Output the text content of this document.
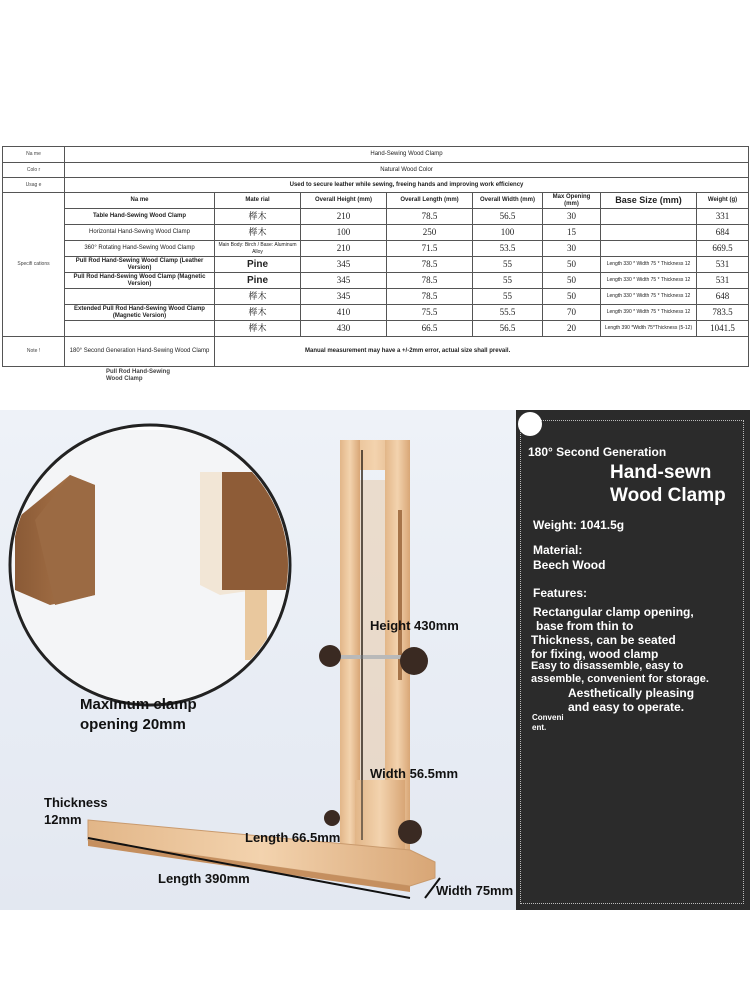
Na me	Hand-Sewing Wood Clamp							
Colo r	Natural Wood Color							
Usag e	Used to secure leather while sewing, freeing hands and improving work efficiency							
Specifi cations	Na me	Mate rial	Overall Height (mm)	Overall Length (mm)	Overall Width (mm)	Max Opening (mm)	Base Size (mm)	Weight (g)
	Table Hand-Sewing Wood Clamp	榉木	210	78.5	56.5	30		331
	Horizontal Hand-Sewing Wood Clamp	榉木	100	250	100	15		684
	360° Rotating Hand-Sewing Wood Clamp	Main Body: Birch / Base: Aluminum Alloy	210	71.5	53.5	30		669.5
	Pull Rod Hand-Sewing Wood Clamp (Leather Version)	Pine	345	78.5	55	50	Length 330 * Width 75 * Thickness 12	531
	Pull Rod Hand-Sewing Wood Clamp (Magnetic Version)	Pine	345	78.5	55	50	Length 330 * Width 75 * Thickness 12	531
		榉木	345	78.5	55	50	Length 330 * Width 75 * Thickness 12	648
	Extended Pull Rod Hand-Sewing Wood Clamp (Magnetic Version)	榉木	410	75.5	55.5	70	Length 390 * Width 75 * Thickness 12	783.5
		榉木	430	66.5	56.5	20	Length 390 *Width 75*Thickness (5-12)	1041.5
Note !	180° Second Generation Hand-Sewing Wood Clamp	Manual measurement may have a +/-2mm error, actual size shall prevail.						
Pull Rod Hand-Sewing Wood Clamp
Height 430mm
Maximum clamp opening 20mm
Width 56.5mm
Thickness 12mm
Length 66.5mm
Length 390mm
Width 75mm
180° Second Generation
Hand-sewn
Wood Clamp
Weight: 1041.5g
Material:
Beech Wood
Features:
Rectangular clamp opening,
base from thin to
Thickness, can be seated
for fixing, wood clamp
Easy to disassemble, easy to
assemble, convenient for storage.
Aesthetically pleasing
and easy to operate.
Conveni ent.
